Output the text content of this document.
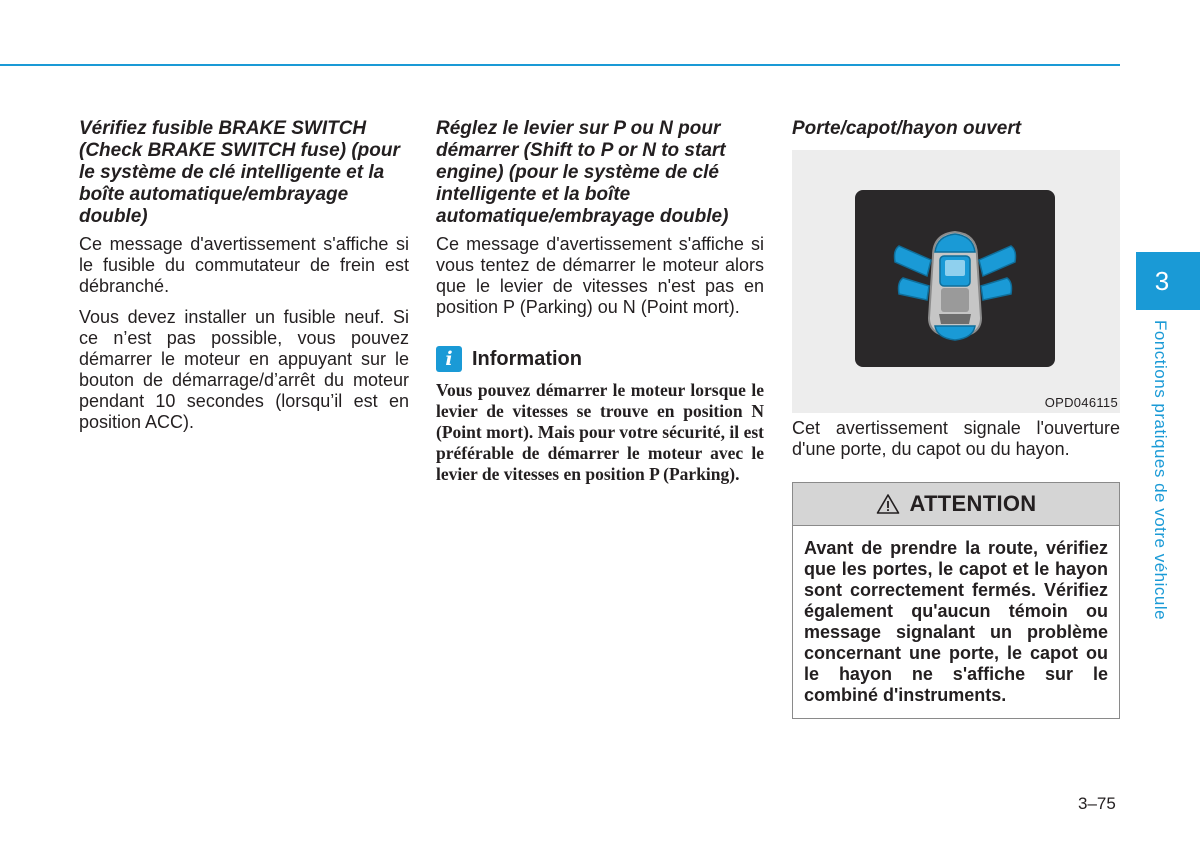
Vérifiez fusible BRAKE SWITCH (Check BRAKE SWITCH fuse) (pour le système de clé intelligente et la boîte automatique/embrayage double)

Ce message d'avertissement s'affiche si le fusible du commutateur de frein est débranché.

Vous devez installer un fusible neuf. Si ce n’est pas possible, vous pouvez démarrer le moteur en appuyant sur le bouton de démarrage/d’arrêt du moteur pendant 10 secondes (lorsqu’il est en position ACC).

Réglez le levier sur P ou N pour démarrer (Shift to P or N to start engine) (pour le système de clé intelligente et la boîte automatique/embrayage double)

Ce message d'avertissement s'affiche si vous tentez de démarrer le moteur alors que le levier de vitesses n'est pas en position P (Parking) ou N (Point mort).

i Information

Vous pouvez démarrer le moteur lorsque le levier de vitesses se trouve en position N (Point mort). Mais pour votre sécurité, il est préférable de démarrer le moteur avec le levier de vitesses en position P (Parking).

Porte/capot/hayon ouvert

OPD046115

Cet avertissement signale l'ouverture d'une porte, du capot ou du hayon.

ATTENTION
Avant de prendre la route, vérifiez que les portes, le capot et le hayon sont correctement fermés. Vérifiez également qu'aucun témoin ou message signalant un problème concernant une porte, le capot ou le hayon ne s'affiche sur le combiné d'instruments.
3
Fonctions pratiques de votre véhicule
3–75
